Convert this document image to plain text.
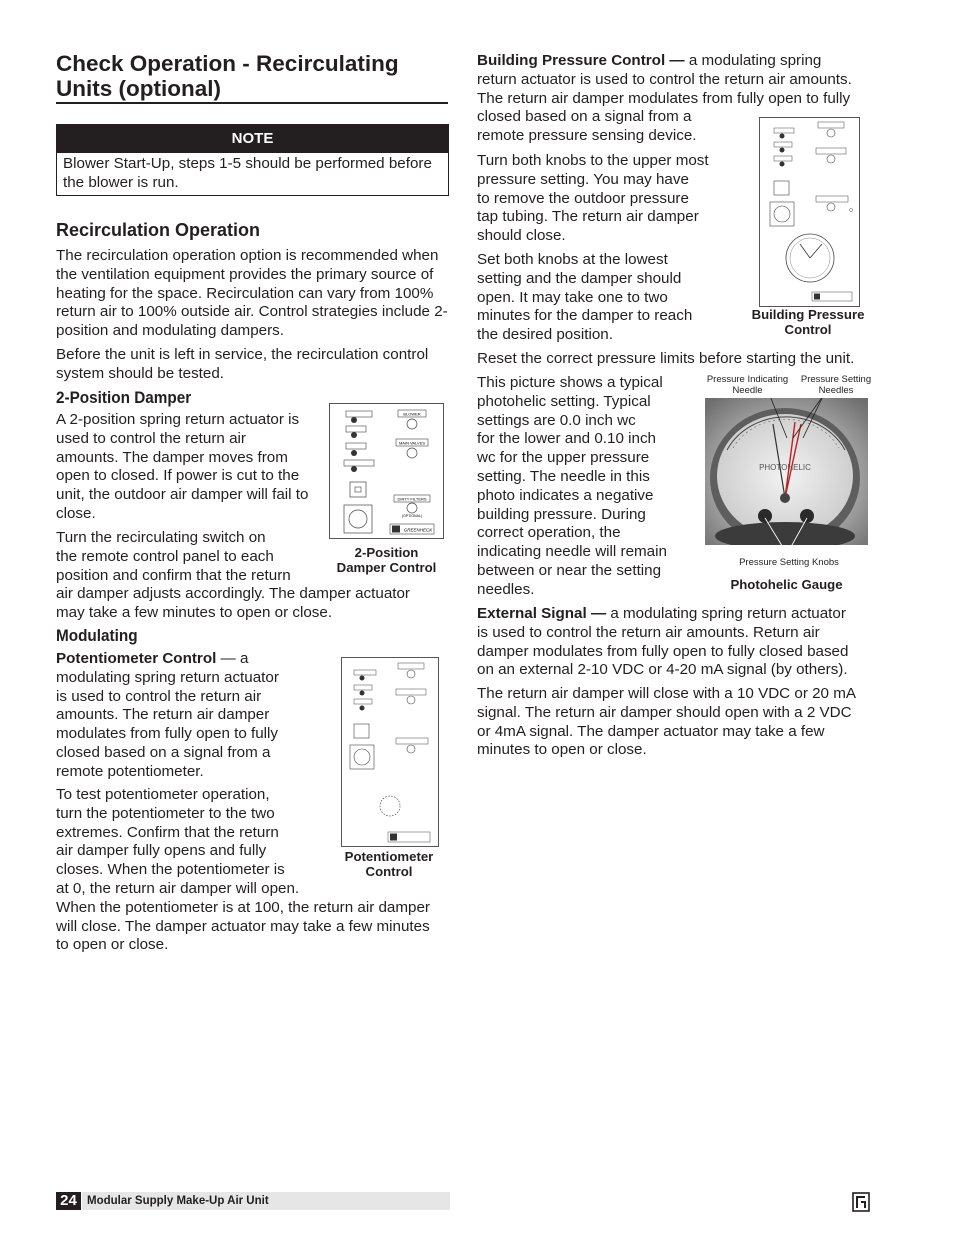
Check Operation - Recirculating Units (optional)
NOTE
Blower Start-Up, steps 1-5 should be performed before the blower is run.
Recirculation Operation

The recirculation operation option is recommended when the ventilation equipment provides the primary source of heating for the space. Recirculation can vary from 100% return air to 100% outside air. Control strategies include 2-position and modulating dampers.

Before the unit is left in service, the recirculation control system should be tested.

2-Position Damper

A 2-position spring return actuator is used to control the return air amounts. The damper moves from open to closed. If power is cut to the unit, the outdoor air damper will fail to close.

Turn the recirculating switch on
the remote control panel to each
position and confirm that the return
air damper adjusts accordingly. The damper actuator
may take a few minutes to open or close.
BLOWER
MAIN VALVES
DIRTY FILTERS
(OPTIONAL)
GREENHECK
2-Position Damper Control
Modulating
Potentiometer Control — a
modulating spring return actuator
is used to control the return air
amounts. The return air damper
modulates from fully open to fully
closed based on a signal from a
remote potentiometer.
To test potentiometer operation,
turn the potentiometer to the two
extremes. Confirm that the return
air damper fully opens and fully
closes. When the potentiometer is
at 0, the return air damper will open.
When the potentiometer is at 100, the return air damper
will close. The damper actuator may take a few minutes
to open or close.
Potentiometer Control
Building Pressure Control — a modulating spring
return actuator is used to control the return air amounts.
The return air damper modulates from fully open to fully
closed based on a signal from a
remote pressure sensing device.
Turn both knobs to the upper most
pressure setting. You may have
to remove the outdoor pressure
tap tubing. The return air damper
should close.
Set both knobs at the lowest
setting and the damper should
open. It may take one to two
minutes for the damper to reach
the desired position.

Reset the correct pressure limits before starting the unit.

Building Pressure Control
This picture shows a typical
photohelic setting. Typical
settings are 0.0 inch wc
for the lower and 0.10 inch
wc for the upper pressure
setting. The needle in this
photo indicates a negative
building pressure. During
correct operation, the
indicating needle will remain
between or near the setting
needles.
Pressure Indicating Needle
Pressure Setting Needles
PHOTOHELIC
Pressure Setting Knobs
Photohelic Gauge
External Signal — a modulating spring return actuator
is used to control the return air amounts. Return air
damper modulates from fully open to fully closed based
on an external 2-10 VDC or 4-20 mA signal (by others).
The return air damper will close with a 10 VDC or 20 mA
signal. The return air damper should open with a 2 VDC
or 4mA signal. The damper actuator may take a few
minutes to open or close.
24 Modular Supply Make-Up Air Unit
